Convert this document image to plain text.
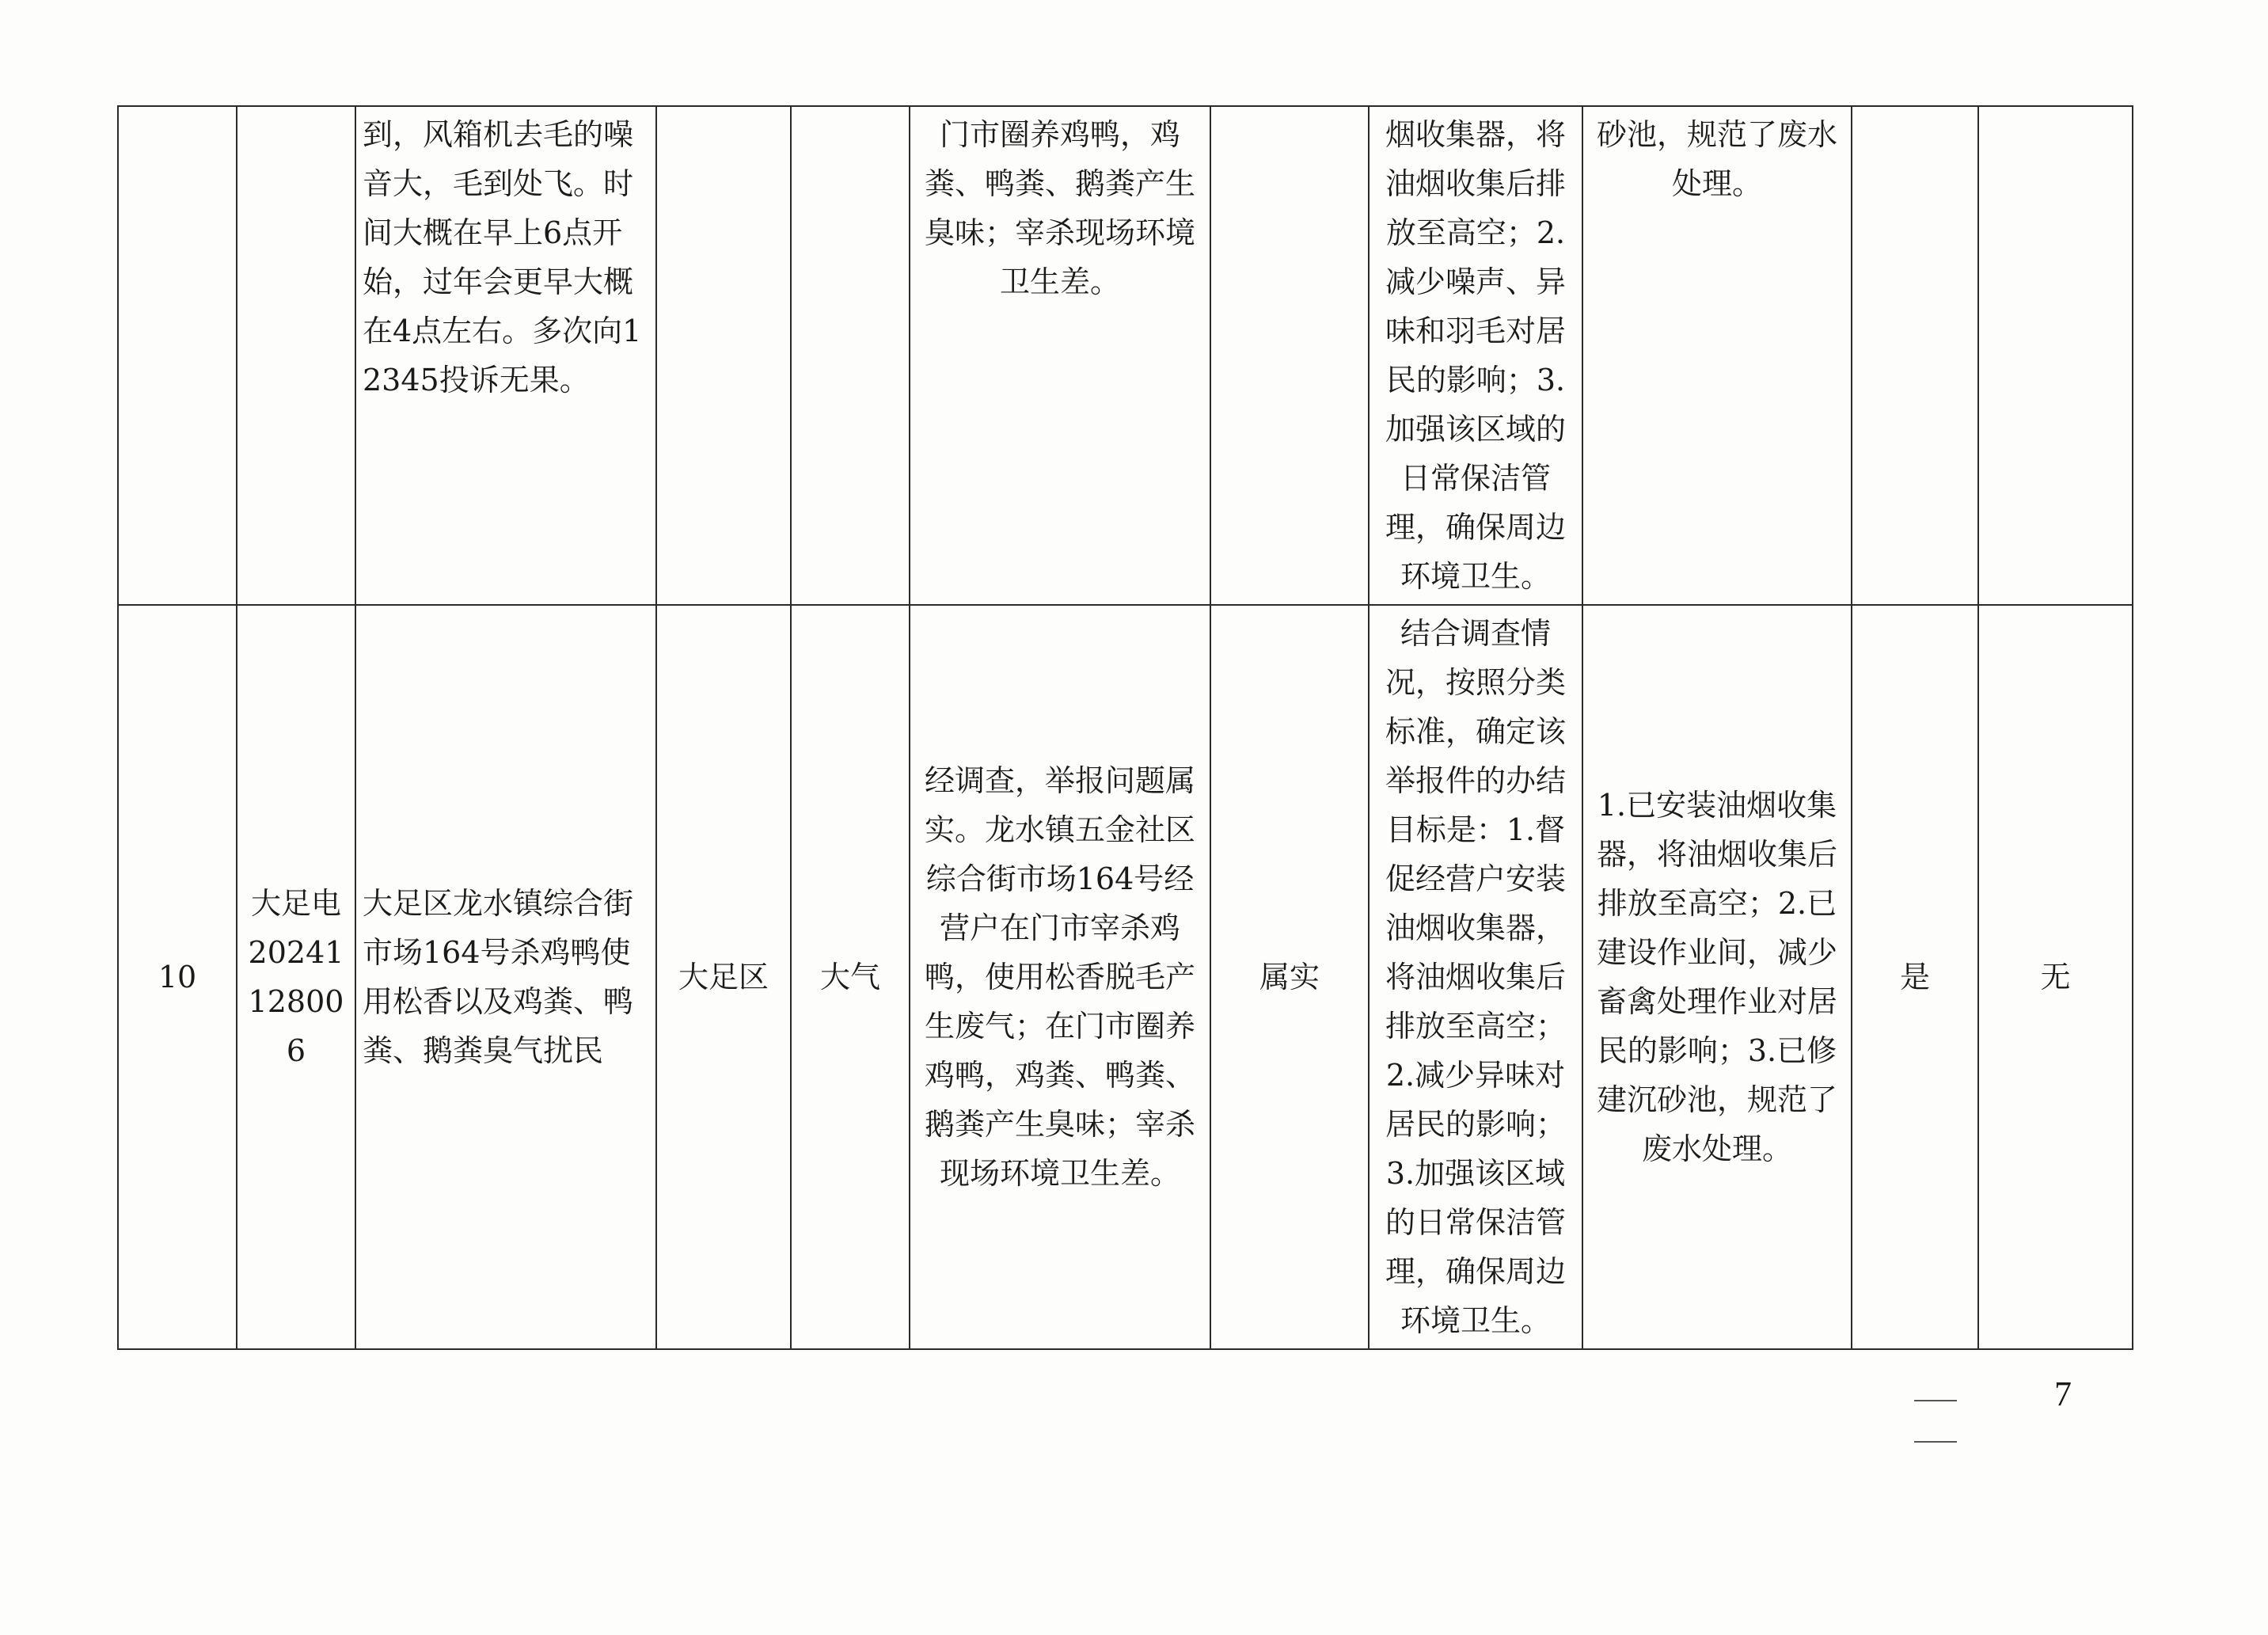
		到，风箱机去毛的噪音大，毛到处飞。时间大概在早上6点开始，过年会更早大概在4点左右。多次向12345投诉无果。			门市圈养鸡鸭，鸡粪、鸭粪、鹅粪产生臭味；宰杀现场环境卫生差。		烟收集器，将油烟收集后排放至高空；2.减少噪声、异味和羽毛对居民的影响；3.加强该区域的日常保洁管理，确保周边环境卫生。	砂池，规范了废水处理。		

10	大足电20241128006	大足区龙水镇综合街市场164号杀鸡鸭使用松香以及鸡粪、鸭粪、鹅粪臭气扰民	大足区	大气	经调查，举报问题属实。龙水镇五金社区综合街市场164号经营户在门市宰杀鸡鸭，使用松香脱毛产生废气；在门市圈养鸡鸭，鸡粪、鸭粪、鹅粪产生臭味；宰杀现场环境卫生差。	属实	结合调查情况，按照分类标准，确定该举报件的办结目标是：1.督促经营户安装油烟收集器，将油烟收集后排放至高空；2.减少异味对居民的影响；3.加强该区域的日常保洁管理，确保周边环境卫生。	1.已安装油烟收集器，将油烟收集后排放至高空；2.已建设作业间，减少畜禽处理作业对居民的影响；3.已修建沉砂池，规范了废水处理。	是	无
7
